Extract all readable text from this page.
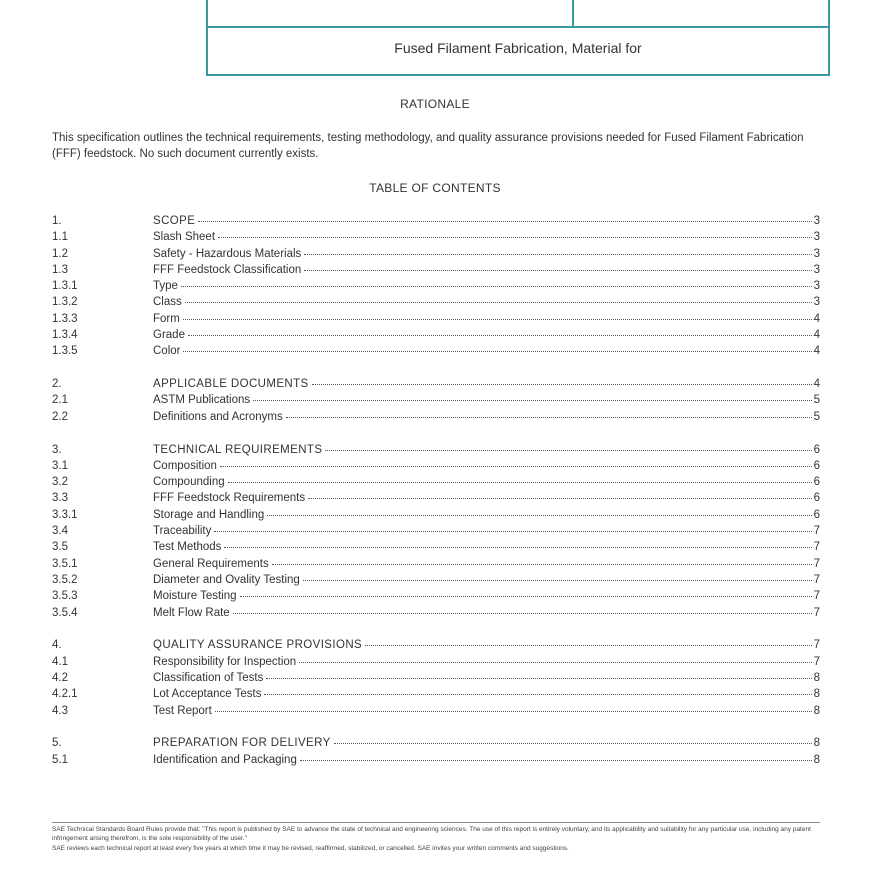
Fused Filament Fabrication, Material for
RATIONALE
This specification outlines the technical requirements, testing methodology, and quality assurance provisions needed for Fused Filament Fabrication (FFF) feedstock. No such document currently exists.
TABLE OF CONTENTS
1.	SCOPE	3
1.1	Slash Sheet	3
1.2	Safety - Hazardous Materials	3
1.3	FFF Feedstock Classification	3
1.3.1	Type	3
1.3.2	Class	3
1.3.3	Form	4
1.3.4	Grade	4
1.3.5	Color	4
2.	APPLICABLE DOCUMENTS	4
2.1	ASTM Publications	5
2.2	Definitions and Acronyms	5
3.	TECHNICAL REQUIREMENTS	6
3.1	Composition	6
3.2	Compounding	6
3.3	FFF Feedstock Requirements	6
3.3.1	Storage and Handling	6
3.4	Traceability	7
3.5	Test Methods	7
3.5.1	General Requirements	7
3.5.2	Diameter and Ovality Testing	7
3.5.3	Moisture Testing	7
3.5.4	Melt Flow Rate	7
4.	QUALITY ASSURANCE PROVISIONS	7
4.1	Responsibility for Inspection	7
4.2	Classification of Tests	8
4.2.1	Lot Acceptance Tests	8
4.3	Test Report	8
5.	PREPARATION FOR DELIVERY	8
5.1	Identification and Packaging	8

SAE Technical Standards Board Rules provide that: "This report is published by SAE to advance the state of technical and engineering sciences. The use of this report is entirely voluntary, and its applicability and suitability for any particular use, including any patent infringement arising therefrom, is the sole responsibility of the user."

SAE reviews each technical report at least every five years at which time it may be revised, reaffirmed, stabilized, or cancelled. SAE invites your written comments and suggestions.
